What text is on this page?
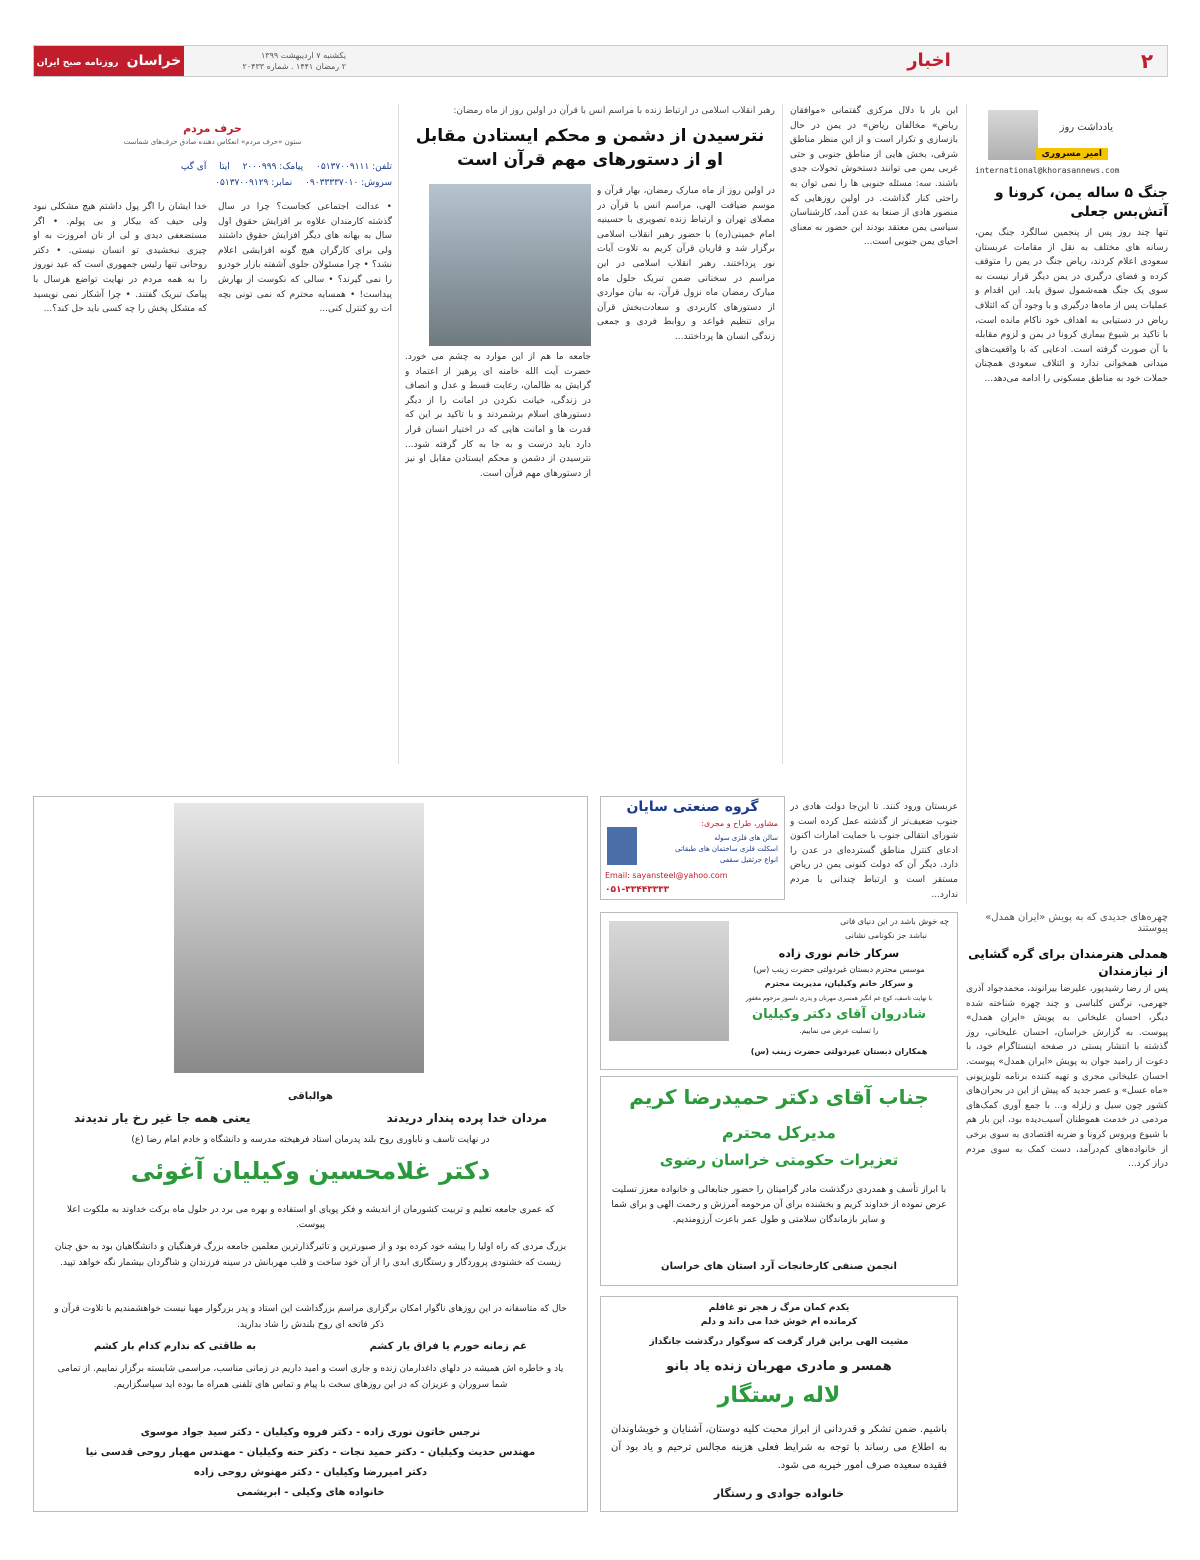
۲
اخبار
یکشنبه ۷ اردیبهشت ۱۳۹۹
۲ رمضان ۱۴۴۱ . شماره ۲۰۴۳۳
خراسان روزنامه صبح ایران
یادداشت روز
امیر مسروری
international@khorasannews.com
جنگ ۵ ساله یمن، کرونا و آتش‌بس جعلی
تنها چند روز پس از پنجمین سالگرد جنگ یمن، رسانه های مختلف به نقل از مقامات عربستان سعودی اعلام کردند، ریاض جنگ در یمن را متوقف کرده و فضای درگیری در یمن دیگر قرار نیست به سوی یک جنگ همه‌شمول سوق یابد. این اقدام و عملیات پس از ماه‌ها درگیری و با وجود آن که ائتلاف ریاض در دستیابی به اهداف خود ناکام مانده است، با تاکید بر شیوع بیماری کرونا در یمن و لزوم مقابله با آن صورت گرفته است. ادعایی که با واقعیت‌های میدانی همخوانی ندارد و ائتلاف سعودی همچنان حملات خود به مناطق مسکونی را ادامه می‌دهد...
این بار با دلال مرکزی گفتمانی «موافقان ریاض» مخالفان ریاض» در یمن در حال بازسازی و تکرار است و از این منظر مناطق شرقی، بخش هایی از مناطق جنوبی و حتی غربی یمن می توانند دستخوش تحولات جدی باشند. سه: مسئله جنوبی ها را نمی توان به راحتی کنار گذاشت. در اولین روزهایی که منصور هادی از صنعا به عدن آمد، کارشناسان سیاسی یمن معتقد بودند این حضور به معنای احیای یمن جنوبی است...
رهبر انقلاب اسلامی در ارتباط زنده با مراسم انس با قرآن در اولین روز از ماه رمضان:
نترسیدن از دشمن و محکم ایستادن مقابل او از دستورهای مهم قرآن است
در اولین روز از ماه مبارک رمضان، بهار قرآن و موسم ضیافت الهی، مراسم انس با قرآن در مصلای تهران و ارتباط زنده تصویری با حسینیه امام خمینی(ره) با حضور رهبر انقلاب اسلامی برگزار شد و قاریان قرآن کریم به تلاوت آیات نور پرداختند. رهبر انقلاب اسلامی در این مراسم در سخنانی ضمن تبریک حلول ماه مبارک رمضان ماه نزول قرآن، به بیان مواردی از دستورهای کاربردی و سعادت‌بخش قرآن برای تنظیم قواعد و روابط فردی و جمعی زندگی انسان ها پرداختند...
جامعه ما هم از این موارد به چشم می خورد. حضرت آیت الله خامنه ای پرهیز از اعتماد و گرایش به ظالمان، رعایت قسط و عدل و انصاف در زندگی، خیانت نکردن در امانت را از دیگر دستورهای اسلام برشمردند و با تاکید بر این که قدرت ها و امانت هایی که در اختیار انسان قرار دارد باید درست و به جا به کار گرفته شود... نترسیدن از دشمن و محکم ایستادن مقابل او نیز از دستورهای مهم قرآن است.
حرف مردم
ستون «حرف مردم» انعکاس دهنده صادق حرف‌های شماست
تلفن: ۰۵۱۳۷۰۰۹۱۱۱ پیامک: ۲۰۰۰۹۹۹ ایتا آی گپ
سروش: ۰۹۰۳۳۳۳۷۰۱۰ نمابر: ۰۵۱۳۷۰۰۹۱۲۹
• عدالت اجتماعی کجاست؟ چرا در سال گذشته کارمندان علاوه بر افزایش حقوق اول سال به بهانه های دیگر افزایش حقوق داشتند ولی برای کارگران هیچ گونه افزایشی اعلام نشد؟ • چرا مسئولان جلوی آشفته بازار خودرو را نمی گیرند؟ • سالی که نکوست از بهارش پیداست! • همسایه محترم که نمی تونی بچه ات رو کنترل کنی...
خدا ایشان را اگر پول داشتم هیچ مشکلی نبود ولی حیف که بیکار و بی پولم. • اگر مستضعفی دیدی و لی از نان امروزت به او چیزی نبخشیدی تو انسان نیستی. • دکتر روحانی تنها رئیس جمهوری است که عید نوروز را به همه مردم در نهایت تواضع هرسال با پیامک تبریک گفتند. • چرا آشکار نمی نویسید که مشکل پخش را چه کسی باید حل کند؟...
عربستان ورود کنند. تا این‌جا دولت هادی در جنوب ضعیف‌تر از گذشته عمل کرده است و شورای انتقالی جنوب با حمایت امارات اکنون ادعای کنترل مناطق گسترده‌ای در عدن را دارد. دیگر آن که دولت کنونی یمن در ریاض مستقر است و ارتباط چندانی با مردم ندارد...
چهره‌های جدیدی که به پویش «ایران همدل» پیوستند
همدلی هنرمندان برای گره گشایی از نیازمندان
پس از رضا رشیدپور، علیرضا بیرانوند، محمدجواد آذری جهرمی، نرگس کلباسی و چند چهره شناخته شده دیگر، احسان علیخانی به پویش «ایران همدل» پیوست. به گزارش خراسان، احسان علیخانی، روز گذشته با انتشار پستی در صفحه اینستاگرام خود، با دعوت از رامبد جوان به پویش «ایران همدل» پیوست. احسان علیخانی مجری و تهیه کننده برنامه تلویزیونی «ماه عسل» و عصر جدید که پیش از این در بحران‌های کشور چون سیل و زلزله و... با جمع آوری کمک‌های مردمی در خدمت هموطنان آسیب‌دیده بود، این بار هم با شیوع ویروس کرونا و ضربه اقتصادی به سوی برخی از خانواده‌های کم‌درآمد، دست کمک به سوی مردم دراز کرد...
گروه صنعتی سایان
مشاور، طراح و مجری:
سالن های فلزی سوله
اسکلت فلزی ساختمان های طبقاتی
انواع جرثقیل سقفی
Email: sayansteel@yahoo.com
۰۵۱-۳۳۴۴۳۳۳۳
چه خوش باشد در این دنیای فانی
نباشد جز نکونامی نشانی
سرکار خانم نوری زاده
موسس محترم دبستان غیردولتی حضرت زینب (س)
و سرکار خانم وکیلیان، مدیریت محترم
با نهایت تاسف، کوچ غم انگیز همسری مهربان و پدری دلسوز مرحوم مغفور
شادروان آقای دکتر وکیلیان
را تسلیت عرض می نماییم.
همکاران دبستان غیردولتی حضرت زینب (س)
جناب آقای دکتر حمیدرضا کریم
مدیرکل محترم
تعزیرات حکومتی خراسان رضوی
با ابراز تأسف و همدردی درگذشت مادر گرامیتان را حضور جنابعالی و خانواده معزز تسلیت عرض نموده از خداوند کریم و بخشنده برای آن مرحومه آمرزش و رحمت الهی و برای شما و سایر بازماندگان سلامتی و طول عمر باعزت آرزومندیم.
انجمن صنفی کارخانجات آرد استان های خراسان
یکدم کمان مرگ ز هجر تو غافلم
کرمانده ام خوش خدا می داند و دلم
مشیت الهی براین قرار گرفت که سوگوار درگذشت جانگداز
همسر و مادری مهربان زنده یاد بانو
لاله رستگار
باشیم. ضمن تشکر و قدردانی از ابراز محبت کلیه دوستان، آشنایان و خویشاوندان به اطلاع می رساند با توجه به شرایط فعلی هزینه مجالس ترحیم و یاد بود آن فقیده سعیده صرف امور خیریه می شود.
خانواده جوادی و رستگار
هوالباقی
مردان خدا پرده پندار دریدند
یعنی همه جا غیر رخ یار ندیدند
در نهایت تاسف و ناباوری روح بلند پدرمان استاد فرهیخته مدرسه و دانشگاه و خادم امام رضا (ع)
دکتر غلامحسین وکیلیان آغوئی
که عمری جامعه تعلیم و تربیت کشورمان از اندیشه و فکر پویای او استفاده و بهره می برد در حلول ماه برکت خداوند به ملکوت اعلا پیوست.
بزرگ مردی که راه اولیا را پیشه خود کرده بود و از صبورترین و تاثیرگذارترین معلمین جامعه بزرگ فرهنگیان و دانشگاهیان بود به حق چنان زیست که خشنودی پروردگار و رستگاری ابدی را از آن خود ساخت و قلب مهربانش در سینه فرزندان و شاگردان بیشمار نگه خواهد تپید.
حال که متاسفانه در این روزهای ناگوار امکان برگزاری مراسم بزرگداشت این استاد و پدر بزرگوار مهیا نیست خواهشمندیم با تلاوت قرآن و ذکر فاتحه ای روح بلندش را شاد بدارید.
غم زمانه خورم یا فراق یار کشم
به طاقتی که ندارم کدام بار کشم
یاد و خاطره اش همیشه در دلهای داغدارمان زنده و جاری است و امید داریم در زمانی مناسب، مراسمی شایسته برگزار نماییم. از تمامی شما سروران و عزیزان که در این روزهای سخت با پیام و تماس های تلفنی همراه ما بوده اید سپاسگزاریم.
نرجس خاتون نوری زاده - دکتر فروه وکیلیان - دکتر سید جواد موسوی
مهندس حدیث وکیلیان - دکتر حمید نجات - دکتر حنه وکیلیان - مهندس مهیار روحی قدسی نیا
دکتر امیررضا وکیلیان - دکتر مهنوش روحی زاده
خانواده های وکیلی - ابریشمی
